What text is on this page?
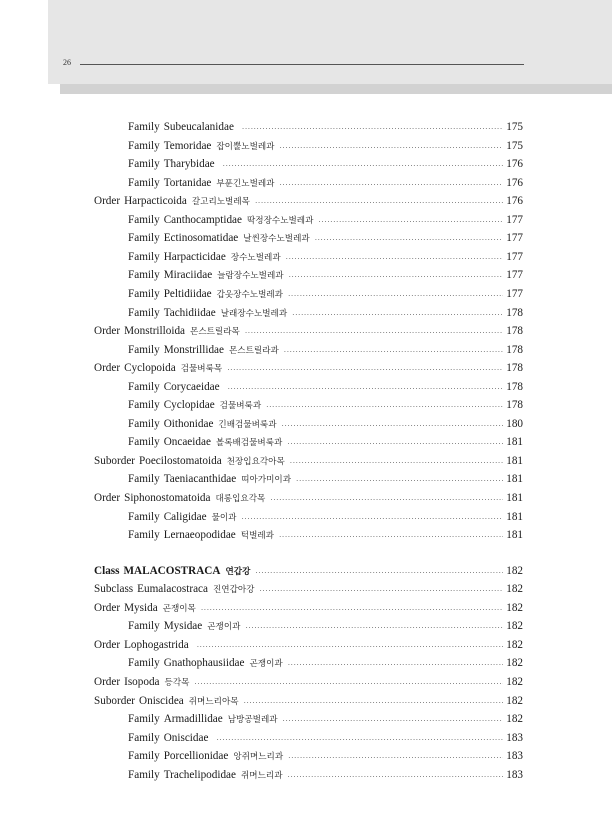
26
Family Subeucalanidae ·····	175
Family Temoridae 잡이뿔노벌레과 ·····	175
Family Tharybidae ·····	176
Family Tortanidae 부푼긴노벌레과 ·····	176
Order Harpacticoida 갈고리노벌레목 ·····	176
Family Canthocamptidae 딱정장수노벌레과 ·····	177
Family Ectinosomatidae 날씬장수노벌레과 ·····	177
Family Harpacticidae 장수노벌레과 ·····	177
Family Miraciidae 늘람장수노벌레과 ·····	177
Family Peltidiidae 갑옷장수노벌레과 ·····	177
Family Tachidiidae 날래장수노벌레과 ·····	178
Order Monstrilloida 몬스트릴라목 ·····	178
Family Monstrillidae 몬스트릴라과 ·····	178
Order Cyclopoida 검물벼룩목 ·····	178
Family Corycaeidae ·····	178
Family Cyclopidae 검물벼룩과 ·····	178
Family Oithonidae 긴배검물벼룩과 ·····	180
Family Oncaeidae 볼록배검물벼룩과 ·····	181
Suborder Poecilostomatoida 천장입요각아목 ·····	181
Family Taeniacanthidae 띠아가미이과 ·····	181
Order Siphonostomatoida 대롱입요각목 ·····	181
Family Caligidae 물이과 ·····	181
Family Lernaeopodidae 턱벌레과 ·····	181
Class MALACOSTRACA 연갑강 ·····	182
Subclass Eumalacostraca 진연갑아강 ·····	182
Order Mysida 곤쟁이목 ·····	182
Family Mysidae 곤쟁이과 ·····	182
Order Lophogastrida ·····	182
Family Gnathophausiidae 곤쟁이과 ·····	182
Order Isopoda 등각목 ·····	182
Suborder Oniscidea 쥐며느리아목 ·····	182
Family Armadillidae 남방공벌레과 ·····	182
Family Oniscidae ·····	183
Family Porcellionidae 앙쥐며느리과 ·····	183
Family Trachelipodidae 쥐며느리과 ·····	183
